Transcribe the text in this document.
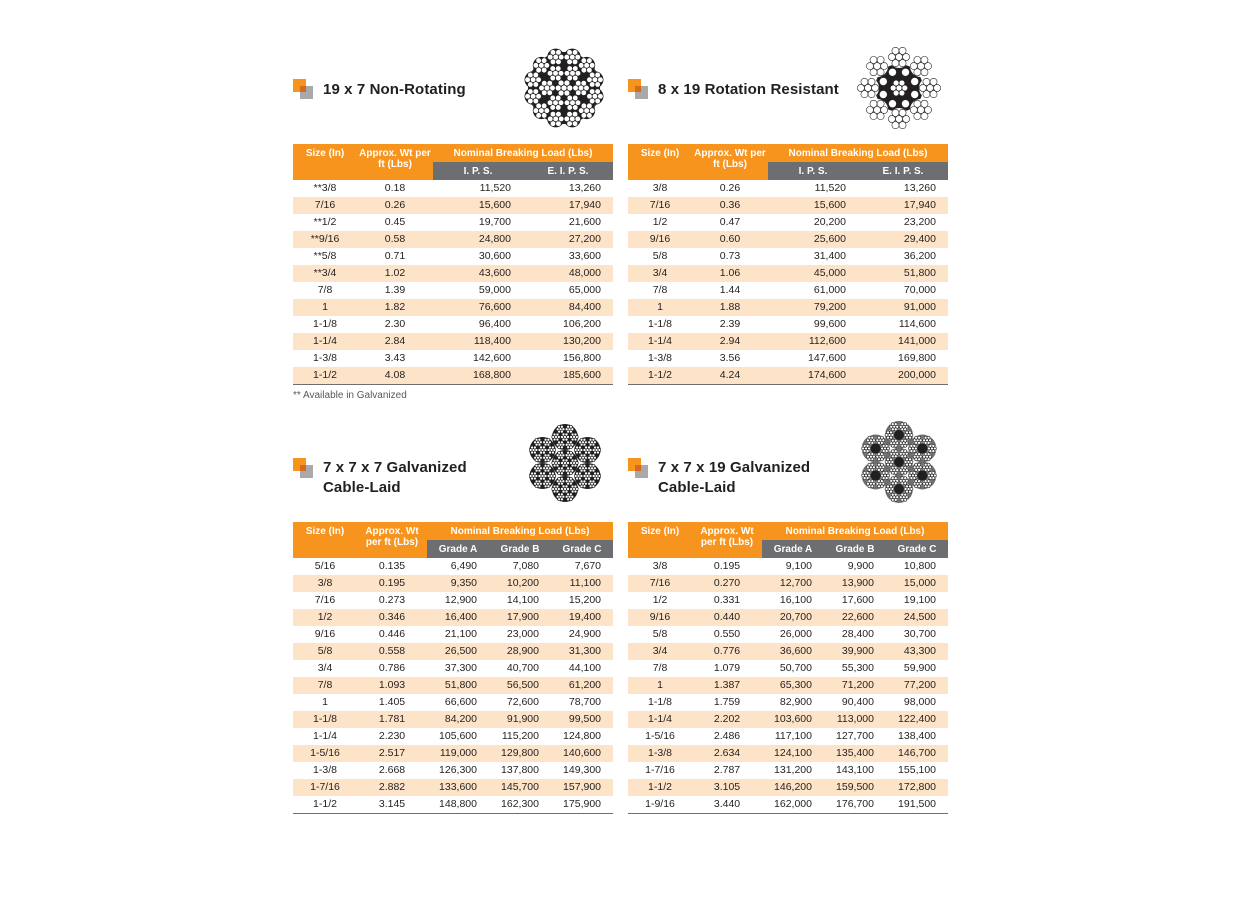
19 x 7 Non-Rotating
Size (In)	Approx. Wt per ft (Lbs)	Nominal Breaking Load (Lbs)	
		I. P. S.	E. I. P. S.
**3/8	0.18	11,520	13,260
7/16	0.26	15,600	17,940
**1/2	0.45	19,700	21,600
**9/16	0.58	24,800	27,200
**5/8	0.71	30,600	33,600
**3/4	1.02	43,600	48,000
7/8	1.39	59,000	65,000
1	1.82	76,600	84,400
1-1/8	2.30	96,400	106,200
1-1/4	2.84	118,400	130,200
1-3/8	3.43	142,600	156,800
1-1/2	4.08	168,800	185,600
** Available in Galvanized
8 x 19 Rotation Resistant
Size (In)	Approx. Wt per ft (Lbs)	Nominal Breaking Load (Lbs)	
		I. P. S.	E. I. P. S.
3/8	0.26	11,520	13,260
7/16	0.36	15,600	17,940
1/2	0.47	20,200	23,200
9/16	0.60	25,600	29,400
5/8	0.73	31,400	36,200
3/4	1.06	45,000	51,800
7/8	1.44	61,000	70,000
1	1.88	79,200	91,000
1-1/8	2.39	99,600	114,600
1-1/4	2.94	112,600	141,000
1-3/8	3.56	147,600	169,800
1-1/2	4.24	174,600	200,000
7 x 7 x 7 Galvanized
Cable-Laid
Size (In)	Approx. Wt per ft (Lbs)	Nominal Breaking Load (Lbs)		
		Grade A	Grade B	Grade C
5/16	0.135	6,490	7,080	7,670
3/8	0.195	9,350	10,200	11,100
7/16	0.273	12,900	14,100	15,200
1/2	0.346	16,400	17,900	19,400
9/16	0.446	21,100	23,000	24,900
5/8	0.558	26,500	28,900	31,300
3/4	0.786	37,300	40,700	44,100
7/8	1.093	51,800	56,500	61,200
1	1.405	66,600	72,600	78,700
1-1/8	1.781	84,200	91,900	99,500
1-1/4	2.230	105,600	115,200	124,800
1-5/16	2.517	119,000	129,800	140,600
1-3/8	2.668	126,300	137,800	149,300
1-7/16	2.882	133,600	145,700	157,900
1-1/2	3.145	148,800	162,300	175,900
7 x 7 x 19 Galvanized
Cable-Laid
Size (In)	Approx. Wt per ft (Lbs)	Nominal Breaking Load (Lbs)		
		Grade A	Grade B	Grade C
3/8	0.195	9,100	9,900	10,800
7/16	0.270	12,700	13,900	15,000
1/2	0.331	16,100	17,600	19,100
9/16	0.440	20,700	22,600	24,500
5/8	0.550	26,000	28,400	30,700
3/4	0.776	36,600	39,900	43,300
7/8	1.079	50,700	55,300	59,900
1	1.387	65,300	71,200	77,200
1-1/8	1.759	82,900	90,400	98,000
1-1/4	2.202	103,600	113,000	122,400
1-5/16	2.486	117,100	127,700	138,400
1-3/8	2.634	124,100	135,400	146,700
1-7/16	2.787	131,200	143,100	155,100
1-1/2	3.105	146,200	159,500	172,800
1-9/16	3.440	162,000	176,700	191,500
